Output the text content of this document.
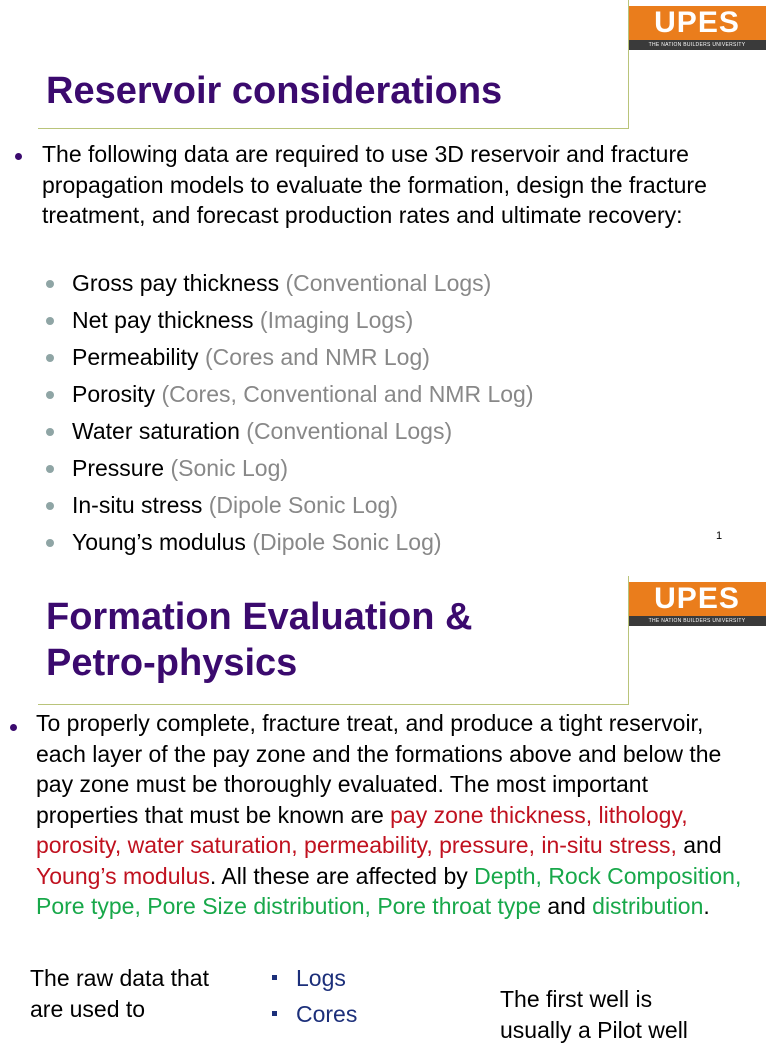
UPES
THE NATION BUILDERS UNIVERSITY
Reservoir considerations
The following data are required to use 3D reservoir and fracture propagation models to evaluate the formation, design the fracture treatment, and forecast production rates and ultimate recovery:
Gross pay thickness (Conventional Logs)
Net pay thickness (Imaging Logs)
Permeability (Cores and NMR Log)
Porosity (Cores, Conventional and NMR Log)
Water saturation (Conventional Logs)
Pressure (Sonic Log)
In-situ stress (Dipole Sonic Log)
Young’s modulus (Dipole Sonic Log)	1
UPES
THE NATION BUILDERS UNIVERSITY
Formation Evaluation &
Petro-physics
To properly complete, fracture treat, and produce a tight reservoir, each layer of the pay zone and the formations above and below the pay zone must be thoroughly evaluated. The most important properties that must be known are pay zone thickness, lithology, porosity, water saturation, permeability, pressure, in-situ stress, and Young’s modulus. All these are affected by Depth, Rock Composition, Pore type, Pore Size distribution, Pore throat type and distribution.
The raw data that are used to
Logs
Cores
The first well is usually a Pilot well
